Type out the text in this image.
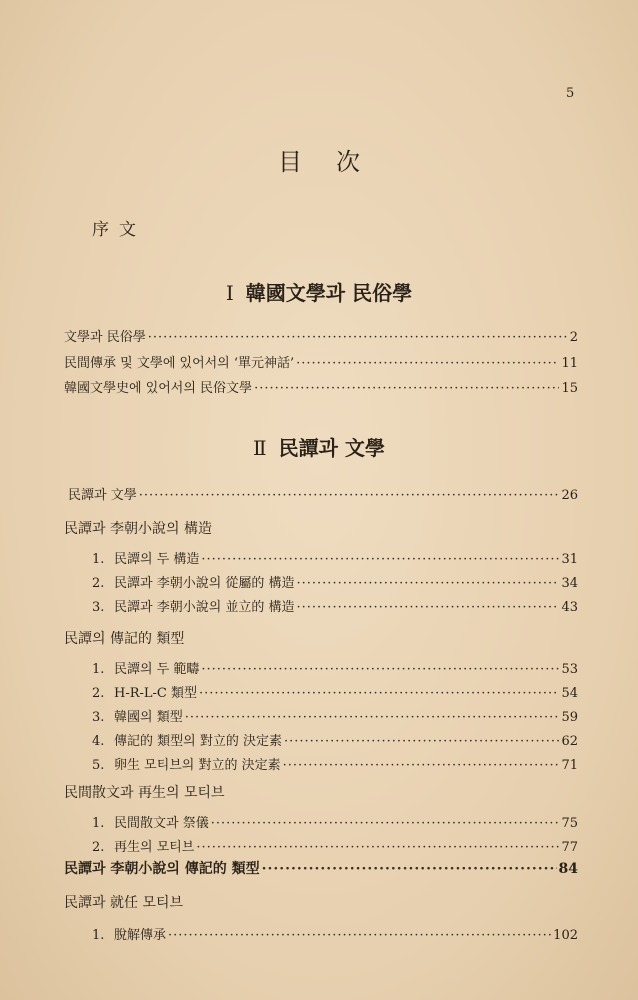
5
目次
序文
I 韓國文學과 民俗學
文學과 民俗學 ·····	2
民間傳承 및 文學에 있어서의 ‘單元神話’ ·····	11
韓國文學史에 있어서의 民俗文學 ·····	15
Ⅱ 民譚과 文學
民譚과 文學 ·····	26
民譚과 李朝小說의 構造
1. 民譚의 두 構造 ·····	31
2. 民譚과 李朝小說의 從屬的 構造 ·····	34
3. 民譚과 李朝小說의 並立的 構造 ·····	43
民譚의 傳記的 類型
1. 民譚의 두 範疇 ·····	53
2. H-R-L-C 類型 ·····	54
3. 韓國의 類型 ·····	59
4. 傳記的 類型의 對立的 決定素 ·····	62
5. 卵生 모티브의 對立的 決定素 ·····	71
民間散文과 再生의 모티브
1. 民間散文과 祭儀 ·····	75
2. 再生의 모티브 ·····	77
民譚과 李朝小說의 傳記的 類型 ·····	84
民譚과 就任 모티브
1. 脫解傳承 ·····	102
